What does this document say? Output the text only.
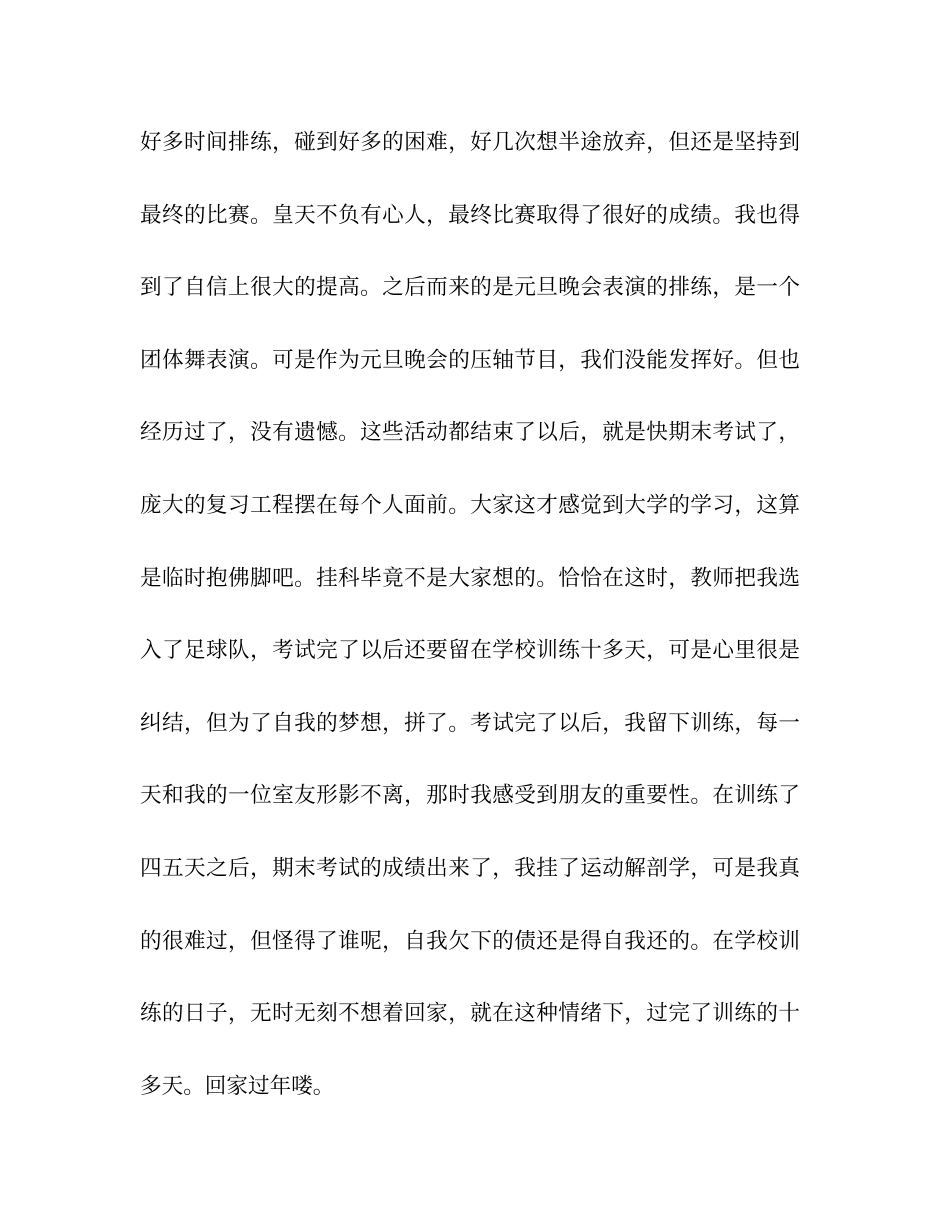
好多时间排练，碰到好多的困难，好几次想半途放弃，但还是坚持到
最终的比赛。皇天不负有心人，最终比赛取得了很好的成绩。我也得
到了自信上很大的提高。之后而来的是元旦晚会表演的排练，是一个
团体舞表演。可是作为元旦晚会的压轴节目，我们没能发挥好。但也
经历过了，没有遗憾。这些活动都结束了以后，就是快期末考试了，
庞大的复习工程摆在每个人面前。大家这才感觉到大学的学习，这算
是临时抱佛脚吧。挂科毕竟不是大家想的。恰恰在这时，教师把我选
入了足球队，考试完了以后还要留在学校训练十多天，可是心里很是
纠结，但为了自我的梦想，拼了。考试完了以后，我留下训练，每一
天和我的一位室友形影不离，那时我感受到朋友的重要性。在训练了
四五天之后，期末考试的成绩出来了，我挂了运动解剖学，可是我真
的很难过，但怪得了谁呢，自我欠下的债还是得自我还的。在学校训
练的日子，无时无刻不想着回家，就在这种情绪下，过完了训练的十
多天。回家过年喽。
